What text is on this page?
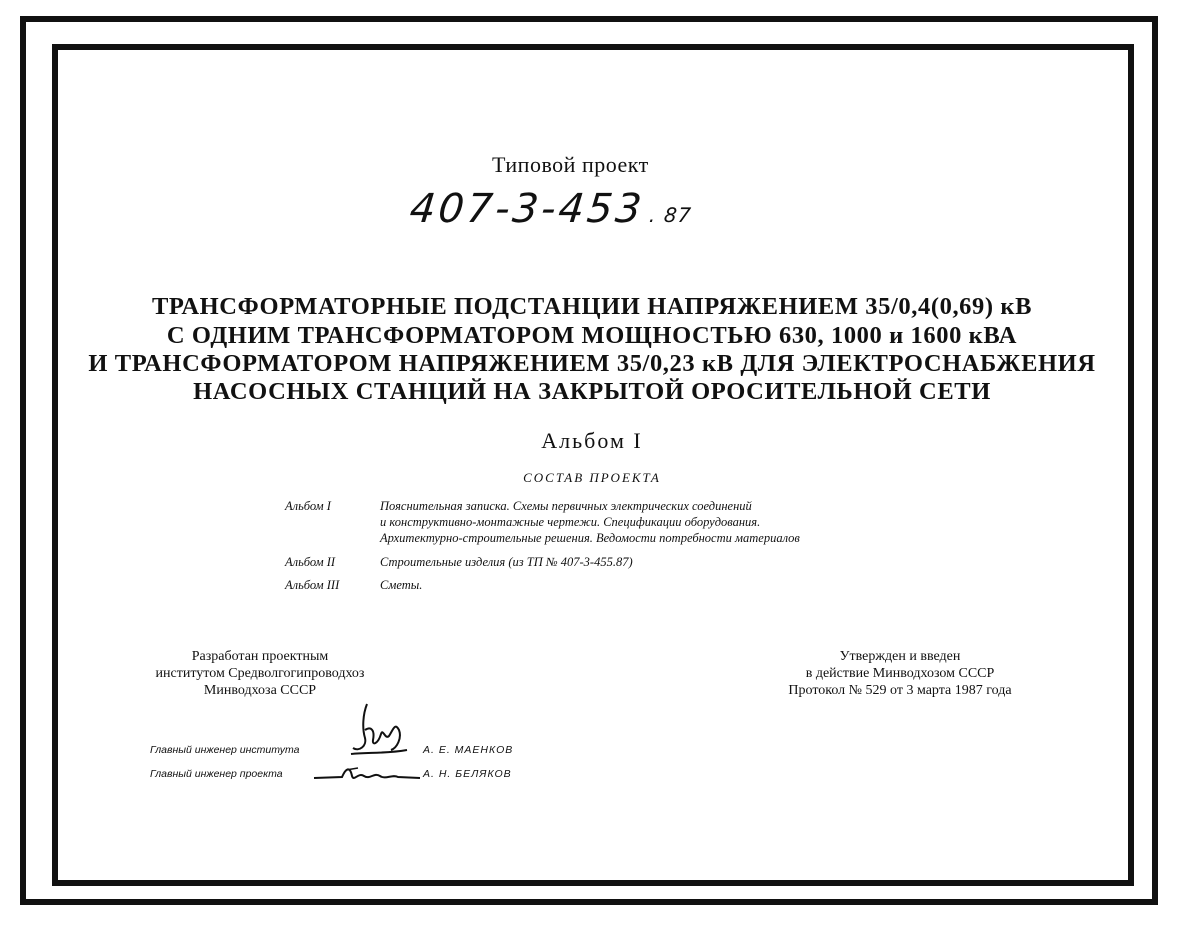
Типовой проект
407-3-453. 87
ТРАНСФОРМАТОРНЫЕ ПОДСТАНЦИИ НАПРЯЖЕНИЕМ 35/0,4(0,69) кВ
С ОДНИМ ТРАНСФОРМАТОРОМ МОЩНОСТЬЮ 630, 1000 и 1600 кВА
И ТРАНСФОРМАТОРОМ НАПРЯЖЕНИЕМ 35/0,23 кВ ДЛЯ ЭЛЕКТРОСНАБЖЕНИЯ
НАСОСНЫХ СТАНЦИЙ НА ЗАКРЫТОЙ ОРОСИТЕЛЬНОЙ СЕТИ
Альбом I
СОСТАВ ПРОЕКТА
Альбом I	Пояснительная записка. Схемы первичных электрических соединений
и конструктивно-монтажные чертежи. Спецификации оборудования.
Архитектурно-строительные решения. Ведомости потребности материалов
Альбом II	Строительные изделия (из ТП № 407-3-455.87)
Альбом III	Сметы.
Разработан проектным
институтом Средволгогипроводхоз
Минводхоза СССР
Утвержден и введен
в действие Минводхозом СССР
Протокол № 529 от 3 марта 1987 года
Главный инженер института	А. Е. МАЕНКОВ
Главный инженер проекта	А. Н. БЕЛЯКОВ
